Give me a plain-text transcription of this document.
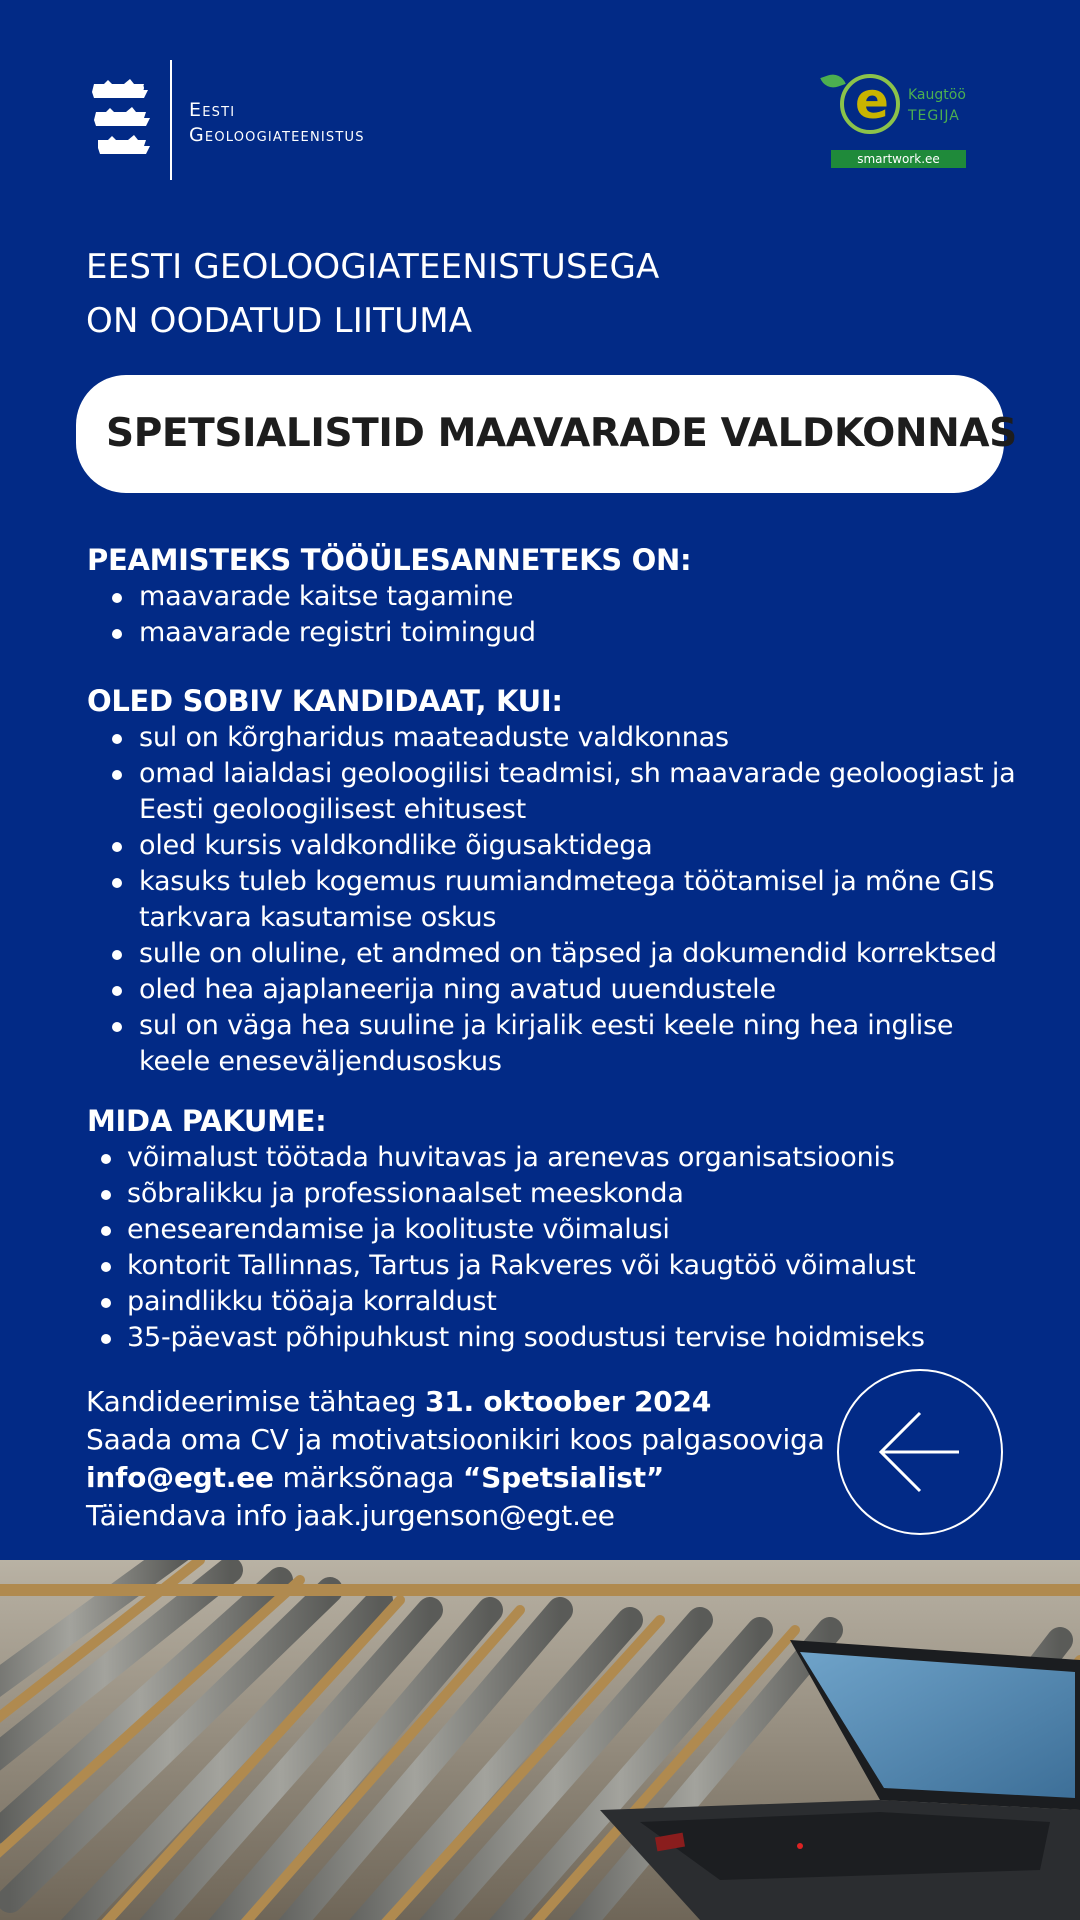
Eesti
Geoloogiateenistus
e	Kaugtöö
TEGIJA
smartwork.ee
EESTI GEOLOOGIATEENISTUSEGA
ON OODATUD LIITUMA
SPETSIALISTID MAAVARADE VALDKONNAS
PEAMISTEKS TÖÖÜLESANNETEKS ON:
maavarade kaitse tagamine
maavarade registri toimingud
OLED SOBIV KANDIDAAT, KUI:
sul on kõrgharidus maateaduste valdkonnas
omad laialdasi geoloogilisi teadmisi, sh maavarade geoloogiast ja
Eesti geoloogilisest ehitusest
oled kursis valdkondlike õigusaktidega
kasuks tuleb kogemus ruumiandmetega töötamisel ja mõne GIS
tarkvara kasutamise oskus
sulle on oluline, et andmed on täpsed ja dokumendid korrektsed
oled hea ajaplaneerija ning avatud uuendustele
sul on väga hea suuline ja kirjalik eesti keele ning hea inglise
keele eneseväljendusoskus
MIDA PAKUME:
võimalust töötada huvitavas ja arenevas organisatsioonis
sõbralikku ja professionaalset meeskonda
enesearendamise ja koolituste võimalusi
kontorit Tallinnas, Tartus ja Rakveres või kaugtöö võimalust
paindlikku tööaja korraldust
35-päevast põhipuhkust ning soodustusi tervise hoidmiseks
Kandideerimise tähtaeg 31. oktoober 2024
Saada oma CV ja motivatsioonikiri koos palgasooviga
info@egt.ee märksõnaga “Spetsialist”
Täiendava info jaak.jurgenson@egt.ee
